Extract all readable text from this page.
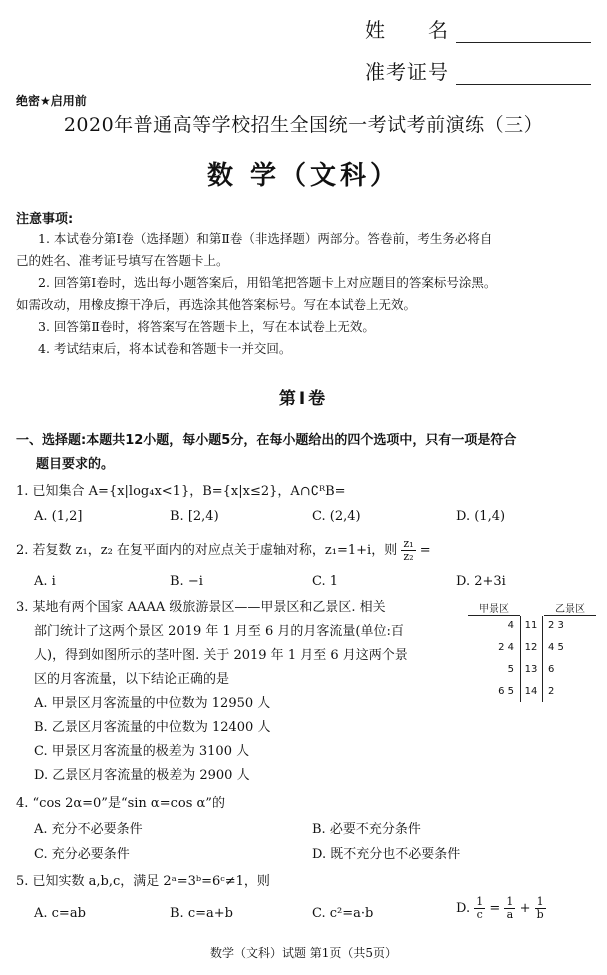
姓　　名
准考证号
绝密★启用前
2020年普通高等学校招生全国统一考试考前演练（三）
数 学（文科）
注意事项:
1. 本试卷分第Ⅰ卷（选择题）和第Ⅱ卷（非选择题）两部分。答卷前，考生务必将自
己的姓名、准考证号填写在答题卡上。
2. 回答第Ⅰ卷时，选出每小题答案后，用铅笔把答题卡上对应题目的答案标号涂黑。
如需改动，用橡皮擦干净后，再选涂其他答案标号。写在本试卷上无效。
3. 回答第Ⅱ卷时，将答案写在答题卡上，写在本试卷上无效。
4. 考试结束后，将本试卷和答题卡一并交回。
第Ⅰ卷
一、选择题:本题共12小题，每小题5分，在每小题给出的四个选项中，只有一项是符合
题目要求的。
1. 已知集合 A={x|log₄x<1}，B={x|x≤2}，A∩∁ᴿB=
A. (1,2]	B. [2,4)	C. (2,4)	D. (1,4)
2. 若复数 z₁，z₂ 在复平面内的对应点关于虚轴对称，z₁=1+i，则 $\frac{\text{z₁}}{\text{z₂}}$ =
A. i	B. −i	C. 1	D. 2+3i
3. 某地有两个国家 AAAA 级旅游景区——甲景区和乙景区. 相关
部门统计了这两个景区 2019 年 1 月至 6 月的月客流量(单位:百
人)，得到如图所示的茎叶图. 关于 2019 年 1 月至 6 月这两个景
区的月客流量，以下结论正确的是
A. 甲景区月客流量的中位数为 12950 人
B. 乙景区月客流量的中位数为 12400 人
C. 甲景区月客流量的极差为 3100 人
D. 乙景区月客流量的极差为 2900 人
甲景区	乙景区
4	11	2 3
2 4	12	4 5
5	13	6
6 5	14	2
4. “cos 2α=0”是“sin α=cos α”的
A. 充分不必要条件	B. 必要不充分条件
C. 充分必要条件	D. 既不充分也不必要条件
5. 已知实数 a,b,c，满足 2ᵃ=3ᵇ=6ᶜ≠1，则
A. c=ab	B. c=a+b	C. c²=a·b	D. $\frac{1}{c} = \frac{1}{a} + \frac{1}{b}$
数学（文科）试题 第1页（共5页）
